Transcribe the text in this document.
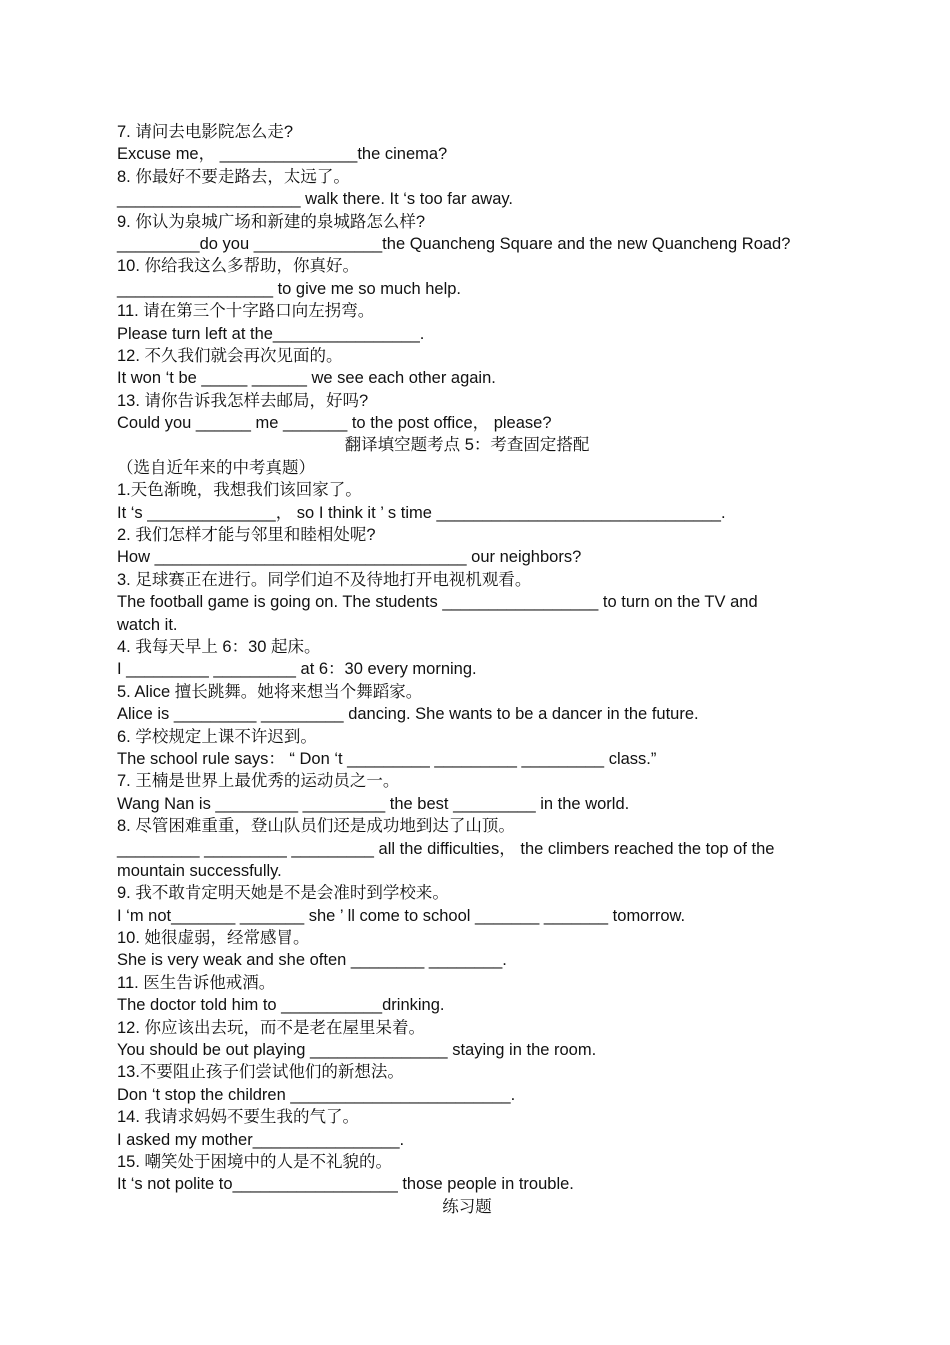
7. 请问去电影院怎么走?
Excuse me， _______________the cinema?
8. 你最好不要走路去，太远了。
____________________ walk there. It ‘s too far away.
9. 你认为泉城广场和新建的泉城路怎么样?
_________do you ______________the Quancheng Square and the new Quancheng Road?
10. 你给我这么多帮助，你真好。
_________________ to give me so much help.
11. 请在第三个十字路口向左拐弯。
Please turn left at the________________.
12. 不久我们就会再次见面的。
It won ‘t be _____ ______ we see each other again.
13. 请你告诉我怎样去邮局，好吗?
Could you ______ me _______ to the post office， please?
翻译填空题考点 5：考查固定搭配
（选自近年来的中考真题）
1.天色渐晚，我想我们该回家了。
It ‘s ______________， so I think it ’ s time _______________________________.
2. 我们怎样才能与邻里和睦相处呢?
How __________________________________ our neighbors?
3. 足球赛正在进行。同学们迫不及待地打开电视机观看。
The football game is going on. The students _________________ to turn on the TV and
watch it.
4. 我每天早上 6：30 起床。
I _________ _________ at 6：30 every morning.
5. Alice 擅长跳舞。她将来想当个舞蹈家。
Alice is _________ _________ dancing. She wants to be a dancer in the future.
6. 学校规定上课不许迟到。
The school rule says： “ Don ‘t _________ _________ _________ class.”
7. 王楠是世界上最优秀的运动员之一。
Wang Nan is _________ _________ the best _________ in the world.
8. 尽管困难重重，登山队员们还是成功地到达了山顶。
_________ _________ _________ all the difficulties， the climbers reached the top of the
mountain successfully.
9. 我不敢肯定明天她是不是会准时到学校来。
I ‘m not_______ _______ she ’ ll come to school _______ _______ tomorrow.
10. 她很虚弱，经常感冒。
She is very weak and she often ________ ________.
11. 医生告诉他戒酒。
The doctor told him to ___________drinking.
12. 你应该出去玩，而不是老在屋里呆着。
You should be out playing _______________ staying in the room.
13.不要阻止孩子们尝试他们的新想法。
Don ‘t stop the children ________________________.
14. 我请求妈妈不要生我的气了。
I asked my mother________________.
15. 嘲笑处于困境中的人是不礼貌的。
It ‘s not polite to__________________ those people in trouble.
练习题
